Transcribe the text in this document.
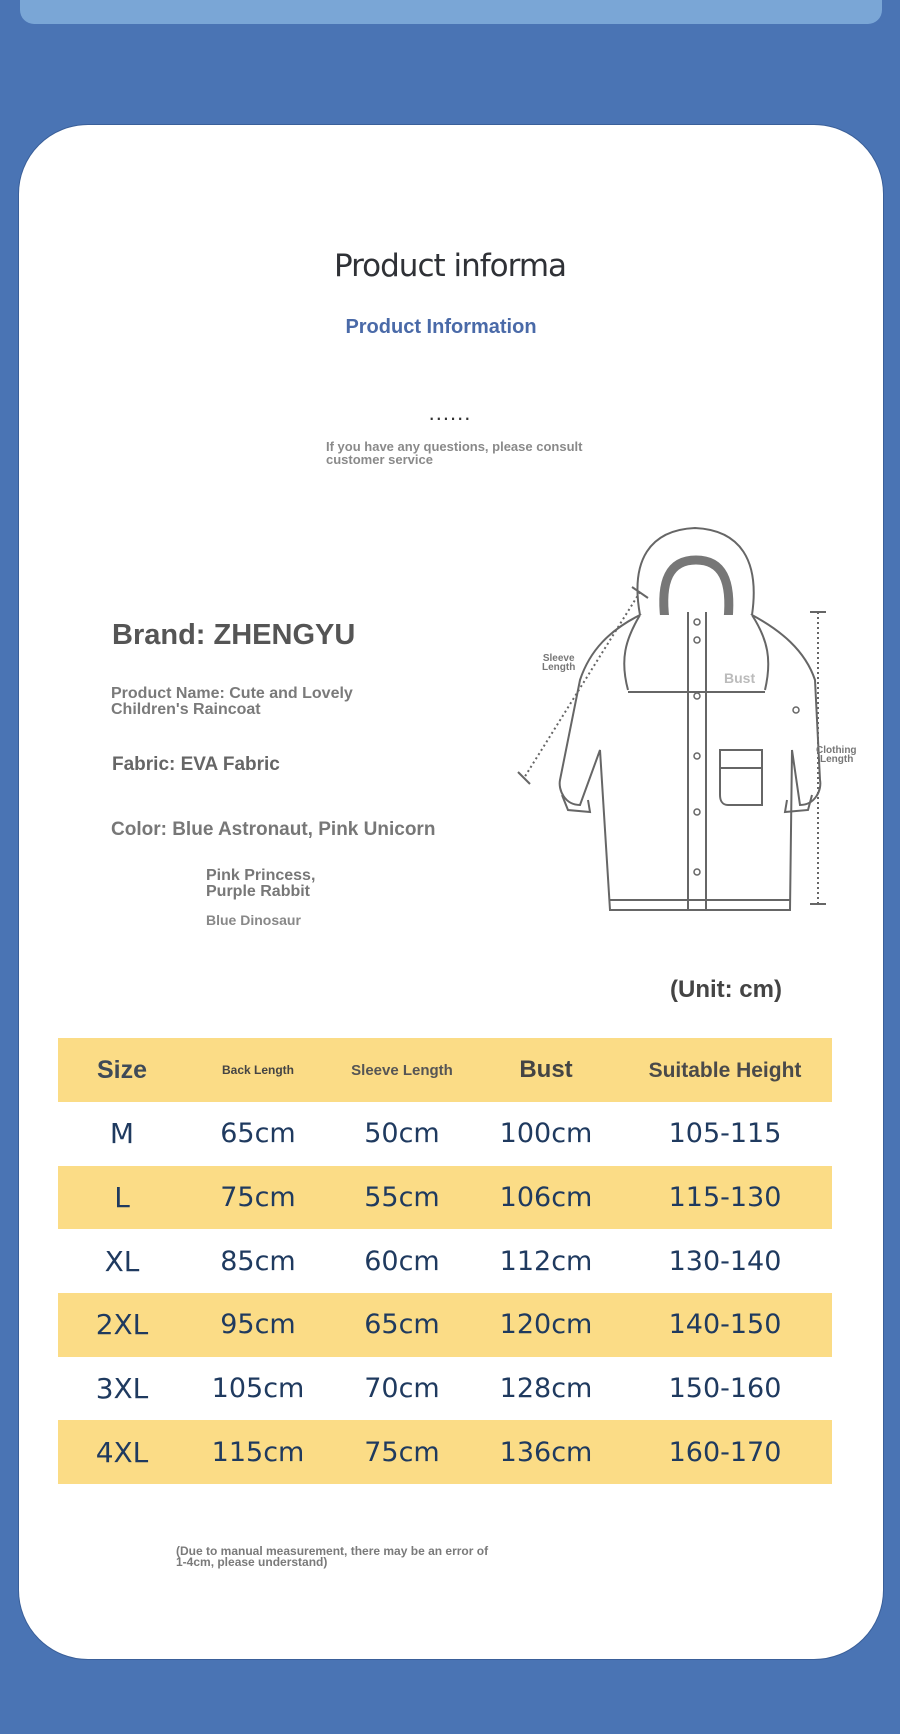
Product informa
Product Information
......
If you have any questions, please consult customer service
Brand: ZHENGYU
Product Name: Cute and Lovely Children's Raincoat
Fabric: EVA Fabric
Color: Blue Astronaut, Pink Unicorn
Pink Princess, Purple Rabbit
Blue Dinosaur
Sleeve
Length
Bust
Clothing
Length
(Unit: cm)
Size	Back Length	Sleeve Length	Bust	Suitable Height
M	65cm	50cm	100cm	105-115
L	75cm	55cm	106cm	115-130
XL	85cm	60cm	112cm	130-140
2XL	95cm	65cm	120cm	140-150
3XL	105cm	70cm	128cm	150-160
4XL	115cm	75cm	136cm	160-170
(Due to manual measurement, there may be an error of 1-4cm, please understand)
